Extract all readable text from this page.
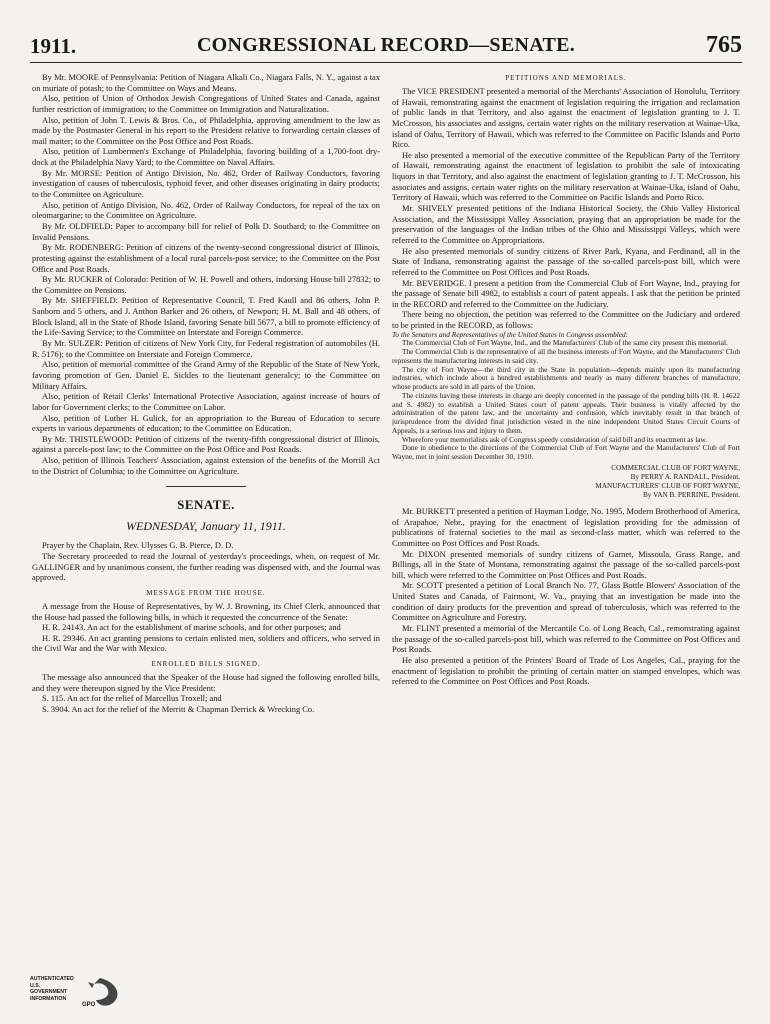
1911.	CONGRESSIONAL RECORD—SENATE.	765

By Mr. MOORE of Pennsylvania: Petition of Niagara Alkali Co., Niagara Falls, N. Y., against a tax on muriate of potash; to the Committee on Ways and Means.

Also, petition of Union of Orthodox Jewish Congregations of United States and Canada, against further restriction of immigration; to the Committee on Immigration and Naturalization.

Also, petition of John T. Lewis & Bros. Co., of Philadelphia, approving amendment to the law as made by the Postmaster General in his report to the President relative to forwarding certain classes of mail matter; to the Committee on the Post Office and Post Roads.

Also, petition of Lumbermen's Exchange of Philadelphia, favoring building of a 1,700-foot dry-dock at the Philadelphia Navy Yard; to the Committee on Naval Affairs.

By Mr. MORSE: Petition of Antigo Division, No. 462, Order of Railway Conductors, favoring investigation of causes of tuberculosis, typhoid fever, and other diseases originating in dairy products; to the Committee on Agriculture.

Also, petition of Antigo Division, No. 462, Order of Railway Conductors, for repeal of the tax on oleomargarine; to the Committee on Agriculture.

By Mr. OLDFIELD: Paper to accompany bill for relief of Polk D. Southard; to the Committee on Invalid Pensions.

By Mr. RODENBERG: Petition of citizens of the twenty-second congressional district of Illinois, protesting against the establishment of a local rural parcels-post service; to the Committee on the Post Office and Post Roads.

By Mr. RUCKER of Colorado: Petition of W. H. Powell and others, indorsing House bill 27832; to the Committee on Pensions.

By Mr. SHEFFIELD: Petition of Representative Council, T. Fred Kaull and 86 others, John P. Sanborn and 5 others, and J. Anthon Barker and 26 others, of Newport; H. M. Ball and 48 others, of Block Island, all in the State of Rhode Island, favoring Senate bill 5677, a bill to promote efficiency of the Life-Saving Service; to the Committee on Interstate and Foreign Commerce.

By Mr. SULZER: Petition of citizens of New York City, for Federal registration of automobiles (H. R. 5176); to the Committee on Interstate and Foreign Commerce.

Also, petition of memorial committee of the Grand Army of the Republic of the State of New York, favoring promotion of Gen. Daniel E. Sickles to the lieutenant generalcy; to the Committee on Military Affairs.

Also, petition of Retail Clerks' International Protective Association, against increase of hours of labor for Government clerks; to the Committee on Labor.

Also, petition of Luther H. Gulick, for an appropriation to the Bureau of Education to secure experts in various departments of education; to the Committee on Education.

By Mr. THISTLEWOOD: Petition of citizens of the twenty-fifth congressional district of Illinois, against a parcels-post law; to the Committee on the Post Office and Post Roads.

Also, petition of Illinois Teachers' Association, against extension of the benefits of the Morrill Act to the District of Columbia; to the Committee on Agriculture.

SENATE.
WEDNESDAY, January 11, 1911.

Prayer by the Chaplain, Rev. Ulysses G. B. Pierce, D. D.

The Secretary proceeded to read the Journal of yesterday's proceedings, when, on request of Mr. GALLINGER and by unanimous consent, the further reading was dispensed with, and the Journal was approved.

MESSAGE FROM THE HOUSE.

A message from the House of Representatives, by W. J. Browning, its Chief Clerk, announced that the House had passed the following bills, in which it requested the concurrence of the Senate:

H. R. 24143. An act for the establishment of marine schools, and for other purposes; and

H. R. 29346. An act granting pensions to certain enlisted men, soldiers and officers, who served in the Civil War and the War with Mexico.

ENROLLED BILLS SIGNED.

The message also announced that the Speaker of the House had signed the following enrolled bills, and they were thereupon signed by the Vice President:

S. 115. An act for the relief of Marcellus Troxell; and

S. 3904. An act for the relief of the Merritt & Chapman Derrick & Wrecking Co.

PETITIONS AND MEMORIALS.

The VICE PRESIDENT presented a memorial of the Merchants' Association of Honolulu, Territory of Hawaii, remonstrating against the enactment of legislation requiring the irrigation and reclamation of public lands in that Territory, and also against the enactment of legislation granting to J. T. McCrosson, his associates and assigns, certain water rights on the military reservation at Wainae-Uka, island of Oahu, Territory of Hawaii, which was referred to the Committee on Pacific Islands and Porto Rico.

He also presented a memorial of the executive committee of the Republican Party of the Territory of Hawaii, remonstrating against the enactment of legislation to prohibit the sale of intoxicating liquors in that Territory, and also against the enactment of legislation granting to J. T. McCrosson, his associates and assigns, certain water rights on the military reservation at Wainae-Uka, island of Oahu, Territory of Hawaii, which was referred to the Committee on Pacific Islands and Porto Rico.

Mr. SHIVELY presented petitions of the Indiana Historical Society, the Ohio Valley Historical Association, and the Mississippi Valley Association, praying that an appropriation be made for the preservation of the languages of the Indian tribes of the Ohio and Mississippi Valleys, which were referred to the Committee on Appropriations.

He also presented memorials of sundry citizens of River Park, Kyana, and Ferdinand, all in the State of Indiana, remonstrating against the passage of the so-called parcels-post bill, which were referred to the Committee on Post Offices and Post Roads.

Mr. BEVERIDGE. I present a petition from the Commercial Club of Fort Wayne, Ind., praying for the passage of Senate bill 4982, to establish a court of patent appeals. I ask that the petition be printed in the RECORD and referred to the Committee on the Judiciary.

There being no objection, the petition was referred to the Committee on the Judiciary and ordered to be printed in the RECORD, as follows:

To the Senators and Representatives of the United States in Congress assembled:

The Commercial Club of Fort Wayne, Ind., and the Manufacturers' Club of the same city present this memorial.

The Commercial Club is the representative of all the business interests of Fort Wayne, and the Manufacturers' Club represents the manufacturing interests in said city.

The city of Fort Wayne—the third city in the State in population—depends mainly upon its manufacturing industries, which include about a hundred establishments and nearly as many different branches of manufacture, whose products are sold in all parts of the Union.

The citizens having these interests in charge are deeply concerned in the passage of the pending bills (H. R. 14622 and S. 4982) to establish a United States court of patent appeals. Their business is vitally affected by the administration of the patent law, and the uncertainty and confusion, which inevitably result in that branch of jurisprudence from the divided final jurisdiction vested in the nine independent United States Circuit Courts of Appeals, is a serious loss and injury to them.

Wherefore your memorialists ask of Congress speedy consideration of said bill and its enactment as law.

Done in obedience to the directions of the Commercial Club of Fort Wayne and the Manufacturers' Club of Fort Wayne, met in joint session December 30, 1910.

COMMERCIAL CLUB OF FORT WAYNE,
By PERRY A. RANDALL, President.
MANUFACTURERS' CLUB OF FORT WAYNE,
By VAN B. PERRINE, President.

Mr. BURKETT presented a petition of Hayman Lodge, No. 1995, Modern Brotherhood of America, of Arapahoe, Nebr., praying for the enactment of legislation providing for the admission of publications of fraternal societies to the mail as second-class matter, which was referred to the Committee on Post Offices and Post Roads.

Mr. DIXON presented memorials of sundry citizens of Garnet, Missoula, Grass Range, and Billings, all in the State of Montana, remonstrating against the passage of the so-called parcels-post bill, which were referred to the Committee on Post Offices and Post Roads.

Mr. SCOTT presented a petition of Local Branch No. 77, Glass Bottle Blowers' Association of the United States and Canada, of Fairmont, W. Va., praying that an investigation be made into the condition of dairy products for the prevention and spread of tuberculosis, which was referred to the Committee on Agriculture and Forestry.

Mr. FLINT presented a memorial of the Mercantile Co. of Long Beach, Cal., remonstrating against the passage of the so-called parcels-post bill, which was referred to the Committee on Post Offices and Post Roads.

He also presented a petition of the Printers' Board of Trade of Los Angeles, Cal., praying for the enactment of legislation to prohibit the printing of certain matter on stamped envelopes, which was referred to the Committee on Post Offices and Post Roads.

AUTHENTICATED U.S. GOVERNMENT INFORMATION
GPO
